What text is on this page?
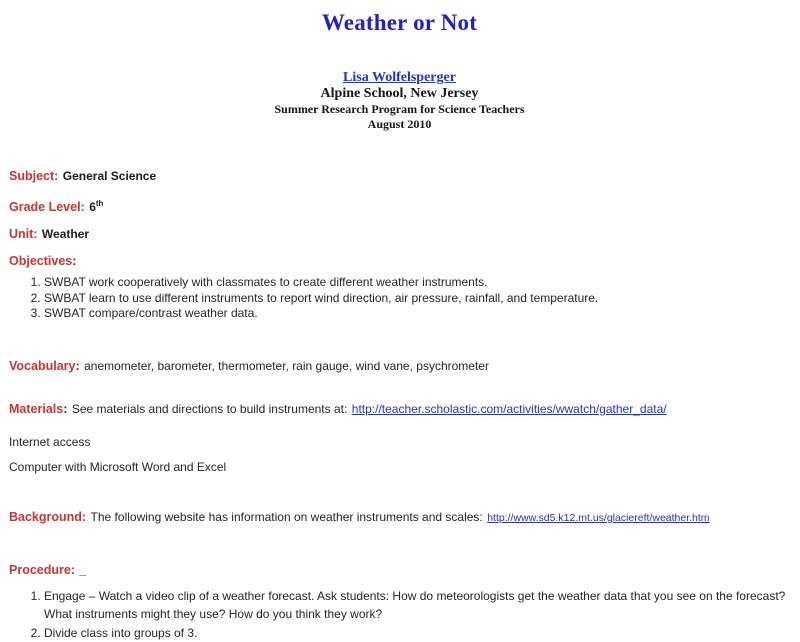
Weather or Not
Lisa Wolfelsperger
Alpine School, New Jersey
Summer Research Program for Science Teachers
August 2010
Subject: General Science
Grade Level: 6th
Unit: Weather
Objectives:
1. SWBAT work cooperatively with classmates to create different weather instruments.
2. SWBAT learn to use different instruments to report wind direction, air pressure, rainfall, and temperature.
3. SWBAT compare/contrast weather data.
Vocabulary: anemometer, barometer, thermometer, rain gauge, wind vane, psychrometer
Materials: See materials and directions to build instruments at: http://teacher.scholastic.com/activities/wwatch/gather_data/
Internet access
Computer with Microsoft Word and Excel
Background: The following website has information on weather instruments and scales: http://www.sd5.k12.mt.us/glaciereft/weather.htm
Procedure: _
1. Engage – Watch a video clip of a weather forecast. Ask students: How do meteorologists get the weather data that you see on the forecast? What instruments might they use? How do you think they work?
2. Divide class into groups of 3.
